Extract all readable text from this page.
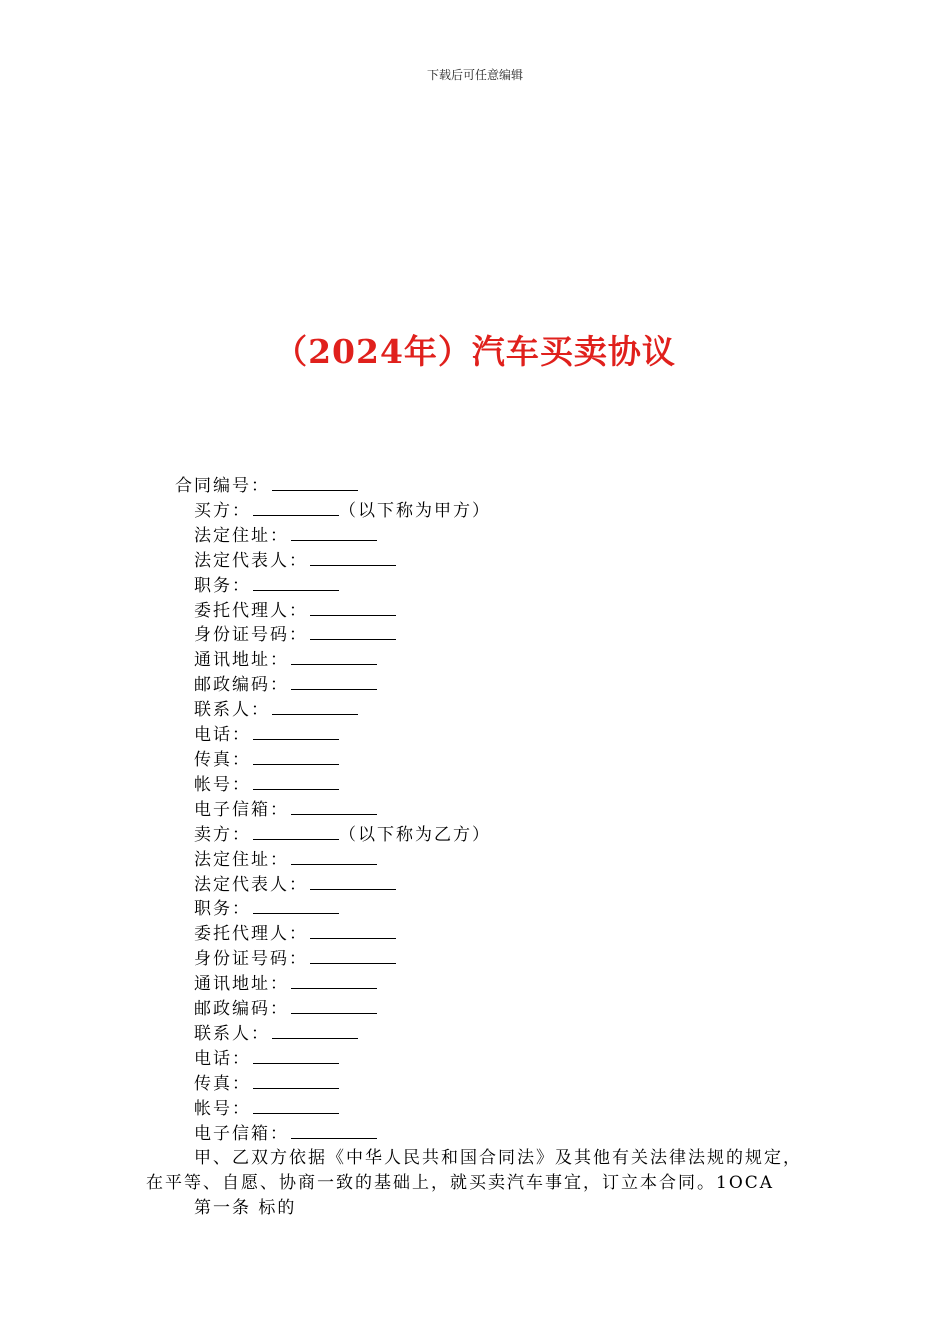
下载后可任意编辑
（2024年）汽车买卖协议
合同编号：
买方：	（以下称为甲方）
法定住址：
法定代表人：
职务：
委托代理人：
身份证号码：
通讯地址：
邮政编码：
联系人：
电话：
传真：
帐号：
电子信箱：
卖方：	（以下称为乙方）
法定住址：
法定代表人：
职务：
委托代理人：
身份证号码：
通讯地址：
邮政编码：
联系人：
电话：
传真：
帐号：
电子信箱：
甲、乙双方依据《中华人民共和国合同法》及其他有关法律法规的规定，
在平等、自愿、协商一致的基础上，就买卖汽车事宜，订立本合同。1OCA
第一条 标的
